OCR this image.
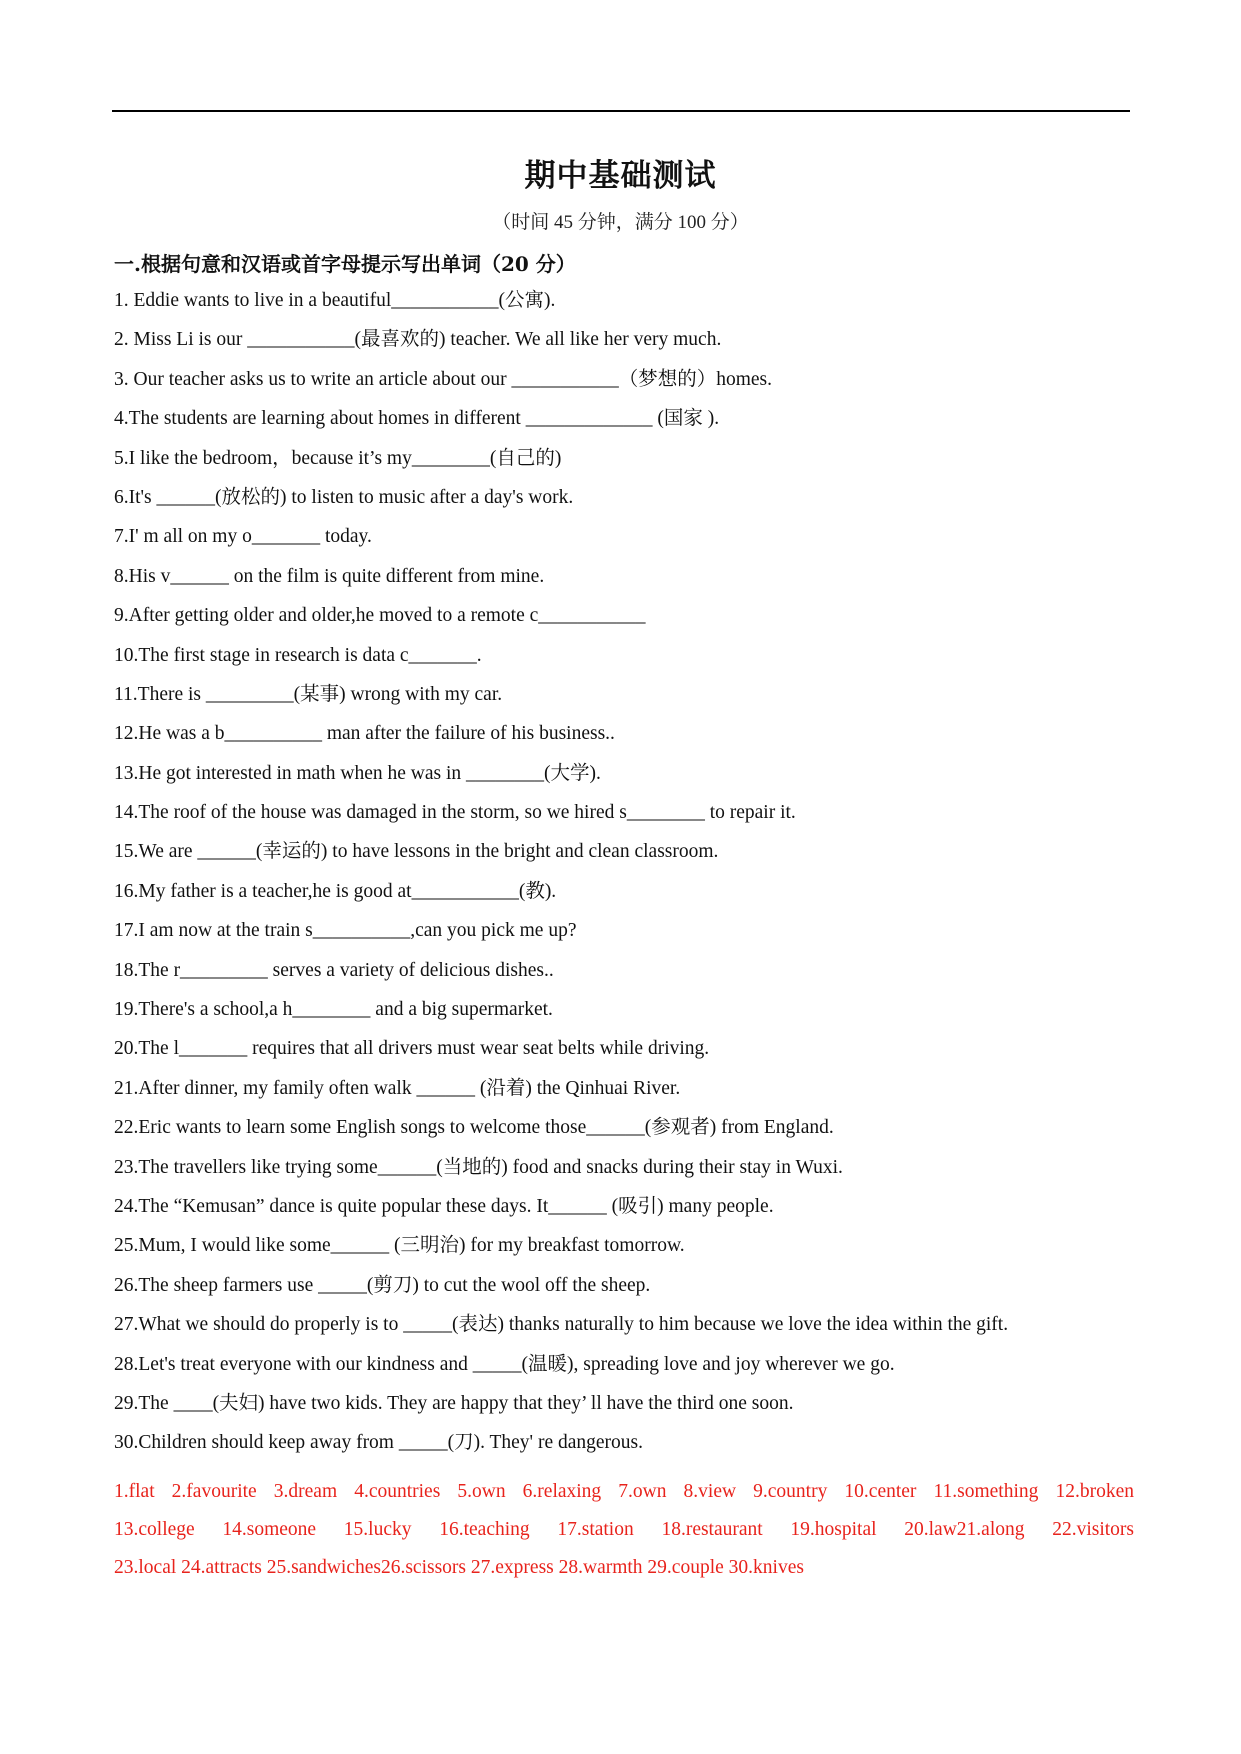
期中基础测试
（时间 45 分钟，满分 100 分）
一.根据句意和汉语或首字母提示写出单词（20 分）
1. Eddie wants to live in a beautiful___________(公寓).
2. Miss Li is our ___________(最喜欢的) teacher. We all like her very much.
3. Our teacher asks us to write an article about our ___________（梦想的）homes.
4.The students are learning about homes in different _____________ (国家 ).
5.I like the bedroom，because it’s my________(自己的)
6.It's ______(放松的) to listen to music after a day's work.
7.I' m all on my o_______ today.
8.His v______ on the film is quite different from mine.
9.After getting older and older,he moved to a remote c___________
10.The first stage in research is data c_______.
11.There is _________(某事) wrong with my car.
12.He was a b__________ man after the failure of his business..
13.He got interested in math when he was in ________(大学).
14.The roof of the house was damaged in the storm, so we hired s________ to repair it.
15.We are ______(幸运的) to have lessons in the bright and clean classroom.
16.My father is a teacher,he is good at___________(教).
17.I am now at the train s__________,can you pick me up?
18.The r_________ serves a variety of delicious dishes..
19.There's a school,a h________ and a big supermarket.
20.The l_______ requires that all drivers must wear seat belts while driving.
21.After dinner, my family often walk ______ (沿着) the Qinhuai River.
22.Eric wants to learn some English songs to welcome those______(参观者) from England.
23.The travellers like trying some______(当地的) food and snacks during their stay in Wuxi.
24.The “Kemusan” dance is quite popular these days. It______ (吸引) many people.
25.Mum, I would like some______ (三明治) for my breakfast tomorrow.
26.The sheep farmers use _____(剪刀) to cut the wool off the sheep.
27.What we should do properly is to _____(表达) thanks naturally to him because we love the idea within the gift.
28.Let's treat everyone with our kindness and _____(温暖), spreading love and joy wherever we go.
29.The ____(夫妇) have two kids. They are happy that they’ ll have the third one soon.
30.Children should keep away from _____(刀). They' re dangerous.
1.flat 2.favourite 3.dream 4.countries 5.own 6.relaxing 7.own 8.view 9.country 10.center 11.something 12.broken
13.college 14.someone 15.lucky 16.teaching 17.station 18.restaurant 19.hospital 20.law21.along 22.visitors
23.local 24.attracts 25.sandwiches26.scissors 27.express 28.warmth 29.couple 30.knives
